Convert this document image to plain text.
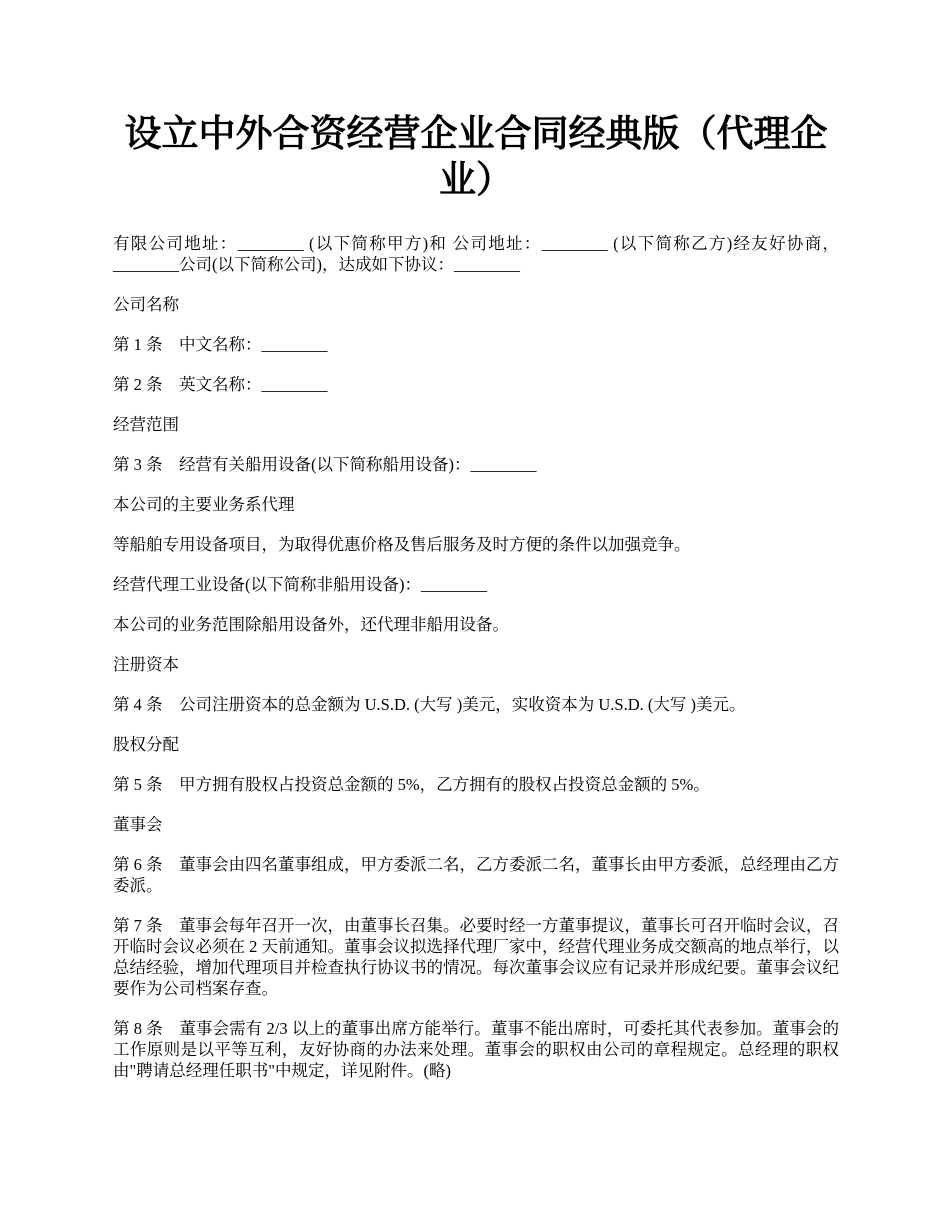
设立中外合资经营企业合同经典版（代理企业）

有限公司地址：________ (以下简称甲方)和 公司地址：________ (以下简称乙方)经友好协商，________公司(以下简称公司)，达成如下协议：________

公司名称

第 1 条　中文名称：________

第 2 条　英文名称：________

经营范围

第 3 条　经营有关船用设备(以下简称船用设备)：________

本公司的主要业务系代理

等船舶专用设备项目，为取得优惠价格及售后服务及时方便的条件以加强竞争。

经营代理工业设备(以下简称非船用设备)：________

本公司的业务范围除船用设备外，还代理非船用设备。

注册资本

第 4 条　公司注册资本的总金额为 U.S.D. (大写 )美元，实收资本为 U.S.D. (大写 )美元。

股权分配

第 5 条　甲方拥有股权占投资总金额的 5%，乙方拥有的股权占投资总金额的 5%。

董事会

第 6 条　董事会由四名董事组成，甲方委派二名，乙方委派二名，董事长由甲方委派，总经理由乙方委派。

第 7 条　董事会每年召开一次，由董事长召集。必要时经一方董事提议，董事长可召开临时会议，召开临时会议必须在 2 天前通知。董事会议拟选择代理厂家中，经营代理业务成交额高的地点举行，以总结经验，增加代理项目并检查执行协议书的情况。每次董事会议应有记录并形成纪要。董事会议纪要作为公司档案存查。

第 8 条　董事会需有 2/3 以上的董事出席方能举行。董事不能出席时，可委托其代表参加。董事会的工作原则是以平等互利，友好协商的办法来处理。董事会的职权由公司的章程规定。总经理的职权由"聘请总经理任职书"中规定，详见附件。(略)
